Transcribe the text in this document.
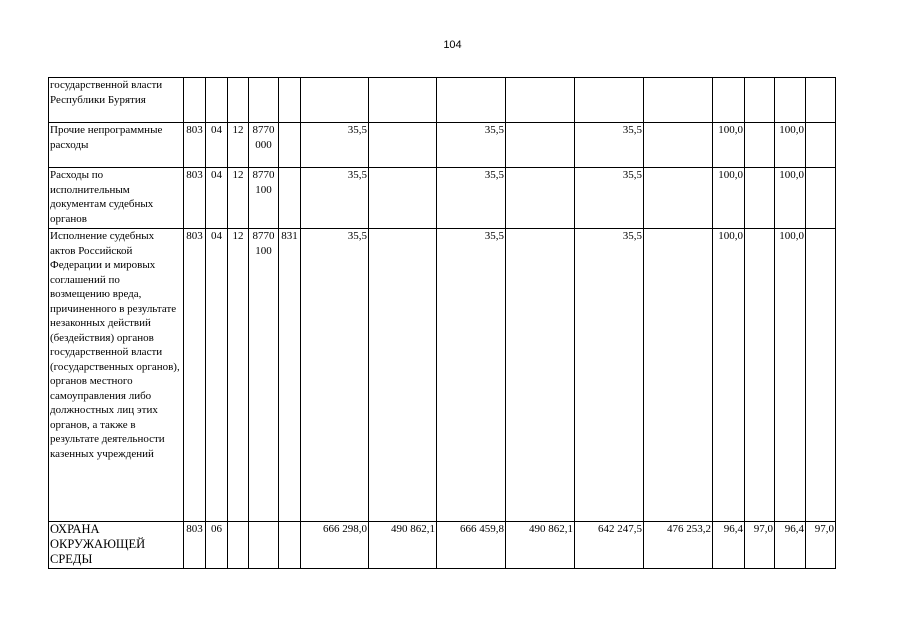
104
государственной власти Республики Бурятия															
Прочие непрограммные расходы	803	04	12	8770 000		35,5		35,5		35,5		100,0		100,0	
Расходы по исполнительным документам судебных органов	803	04	12	8770 100		35,5		35,5		35,5		100,0		100,0	
Исполнение судебных актов Российской Федерации и мировых соглашений по возмещению вреда, причиненного в результате незаконных действий (бездействия) органов государственной власти (государственных органов), органов местного самоуправления либо должностных лиц этих органов, а также в результате деятельности казенных учреждений	803	04	12	8770 100	831	35,5		35,5		35,5		100,0		100,0	
ОХРАНА ОКРУЖАЮЩЕЙ СРЕДЫ	803	06				666 298,0	490 862,1	666 459,8	490 862,1	642 247,5	476 253,2	96,4	97,0	96,4	97,0
